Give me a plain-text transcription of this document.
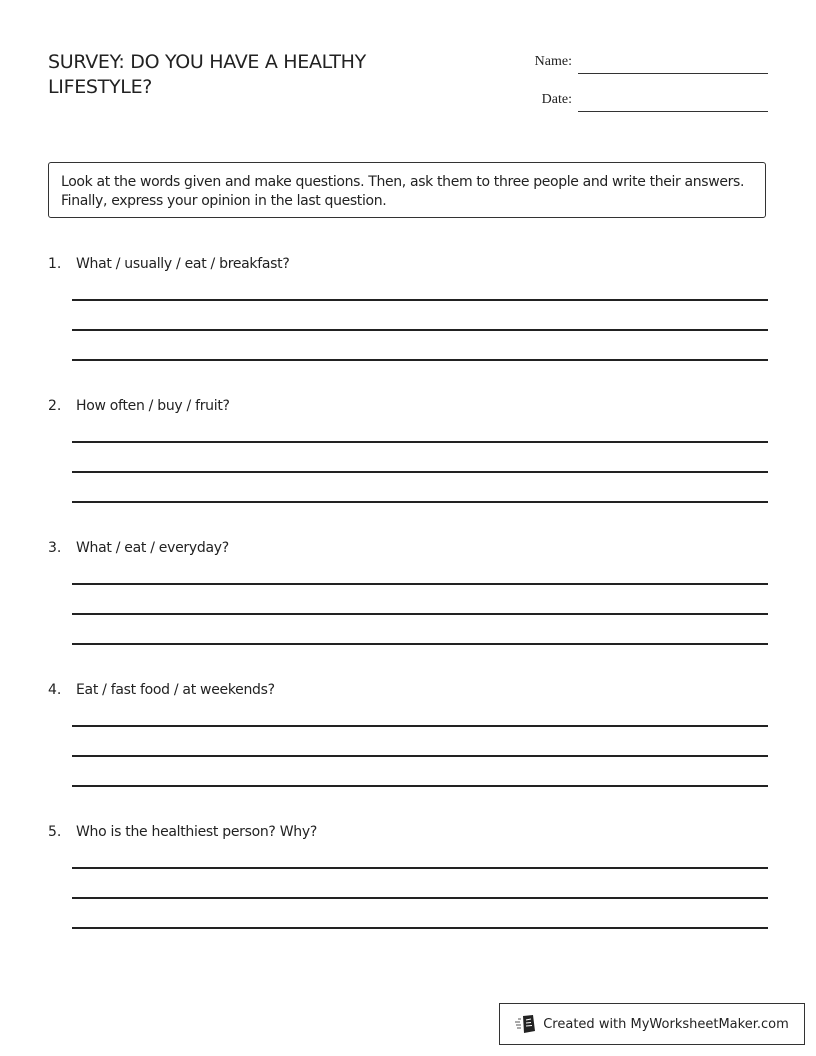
SURVEY: DO YOU HAVE A HEALTHY LIFESTYLE?
Name:
Date:
Look at the words given and make questions. Then, ask them to three people and write their answers. Finally, express your opinion in the last question.
1. What / usually / eat / breakfast?
2. How often / buy / fruit?
3. What / eat / everyday?
4. Eat / fast food / at weekends?
5. Who is the healthiest person? Why?
Created with MyWorksheetMaker.com
